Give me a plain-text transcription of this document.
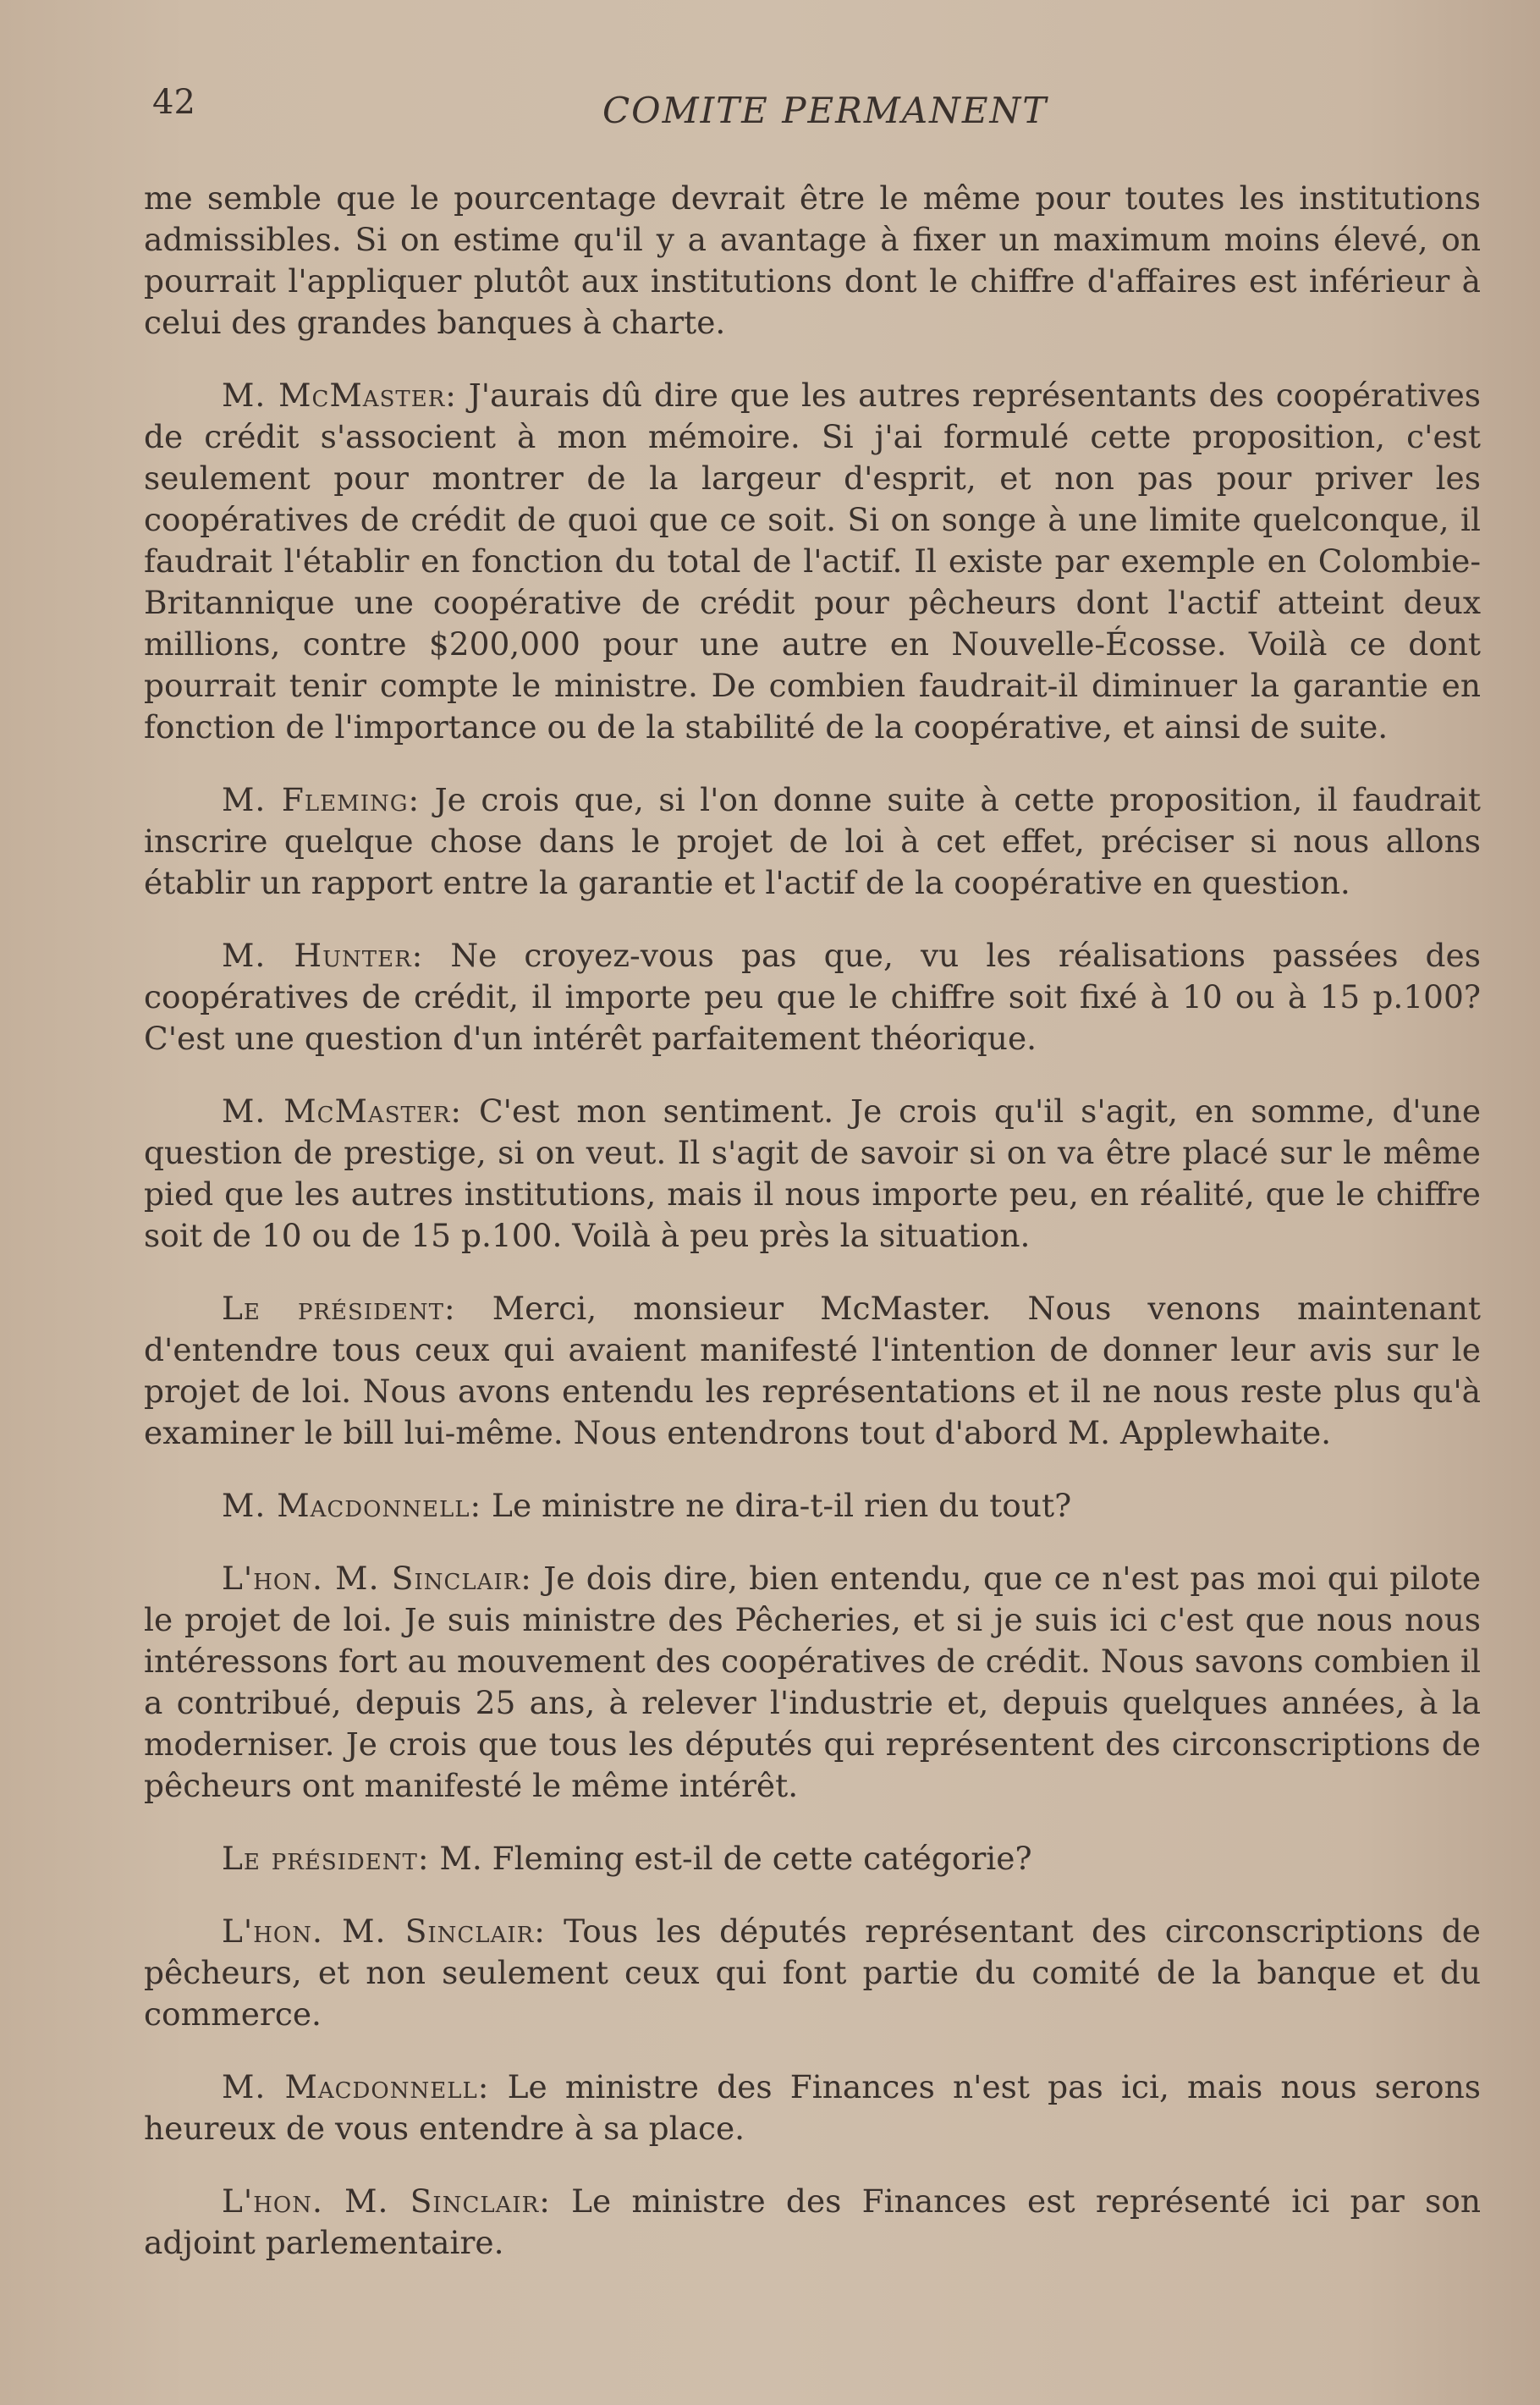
42	COMITE PERMANENT

me semble que le pourcentage devrait être le même pour toutes les institutions admissibles. Si on estime qu'il y a avantage à fixer un maximum moins élevé, on pourrait l'appliquer plutôt aux institutions dont le chiffre d'affaires est inférieur à celui des grandes banques à charte.

M. McMaster: J'aurais dû dire que les autres représentants des coopératives de crédit s'associent à mon mémoire. Si j'ai formulé cette proposition, c'est seulement pour montrer de la largeur d'esprit, et non pas pour priver les coopératives de crédit de quoi que ce soit. Si on songe à une limite quelconque, il faudrait l'établir en fonction du total de l'actif. Il existe par exemple en Colombie-Britannique une coopérative de crédit pour pêcheurs dont l'actif atteint deux millions, contre $200,000 pour une autre en Nouvelle-Écosse. Voilà ce dont pourrait tenir compte le ministre. De combien faudrait-il diminuer la garantie en fonction de l'importance ou de la stabilité de la coopérative, et ainsi de suite.

M. Fleming: Je crois que, si l'on donne suite à cette proposition, il faudrait inscrire quelque chose dans le projet de loi à cet effet, préciser si nous allons établir un rapport entre la garantie et l'actif de la coopérative en question.

M. Hunter: Ne croyez-vous pas que, vu les réalisations passées des coopératives de crédit, il importe peu que le chiffre soit fixé à 10 ou à 15 p.100? C'est une question d'un intérêt parfaitement théorique.

M. McMaster: C'est mon sentiment. Je crois qu'il s'agit, en somme, d'une question de prestige, si on veut. Il s'agit de savoir si on va être placé sur le même pied que les autres institutions, mais il nous importe peu, en réalité, que le chiffre soit de 10 ou de 15 p.100. Voilà à peu près la situation.

Le président: Merci, monsieur McMaster. Nous venons maintenant d'entendre tous ceux qui avaient manifesté l'intention de donner leur avis sur le projet de loi. Nous avons entendu les représentations et il ne nous reste plus qu'à examiner le bill lui-même. Nous entendrons tout d'abord M. Applewhaite.

M. Macdonnell: Le ministre ne dira-t-il rien du tout?

L'hon. M. Sinclair: Je dois dire, bien entendu, que ce n'est pas moi qui pilote le projet de loi. Je suis ministre des Pêcheries, et si je suis ici c'est que nous nous intéressons fort au mouvement des coopératives de crédit. Nous savons combien il a contribué, depuis 25 ans, à relever l'industrie et, depuis quelques années, à la moderniser. Je crois que tous les députés qui représentent des circonscriptions de pêcheurs ont manifesté le même intérêt.

Le président: M. Fleming est-il de cette catégorie?

L'hon. M. Sinclair: Tous les députés représentant des circonscriptions de pêcheurs, et non seulement ceux qui font partie du comité de la banque et du commerce.

M. Macdonnell: Le ministre des Finances n'est pas ici, mais nous serons heureux de vous entendre à sa place.

L'hon. M. Sinclair: Le ministre des Finances est représenté ici par son adjoint parlementaire.
